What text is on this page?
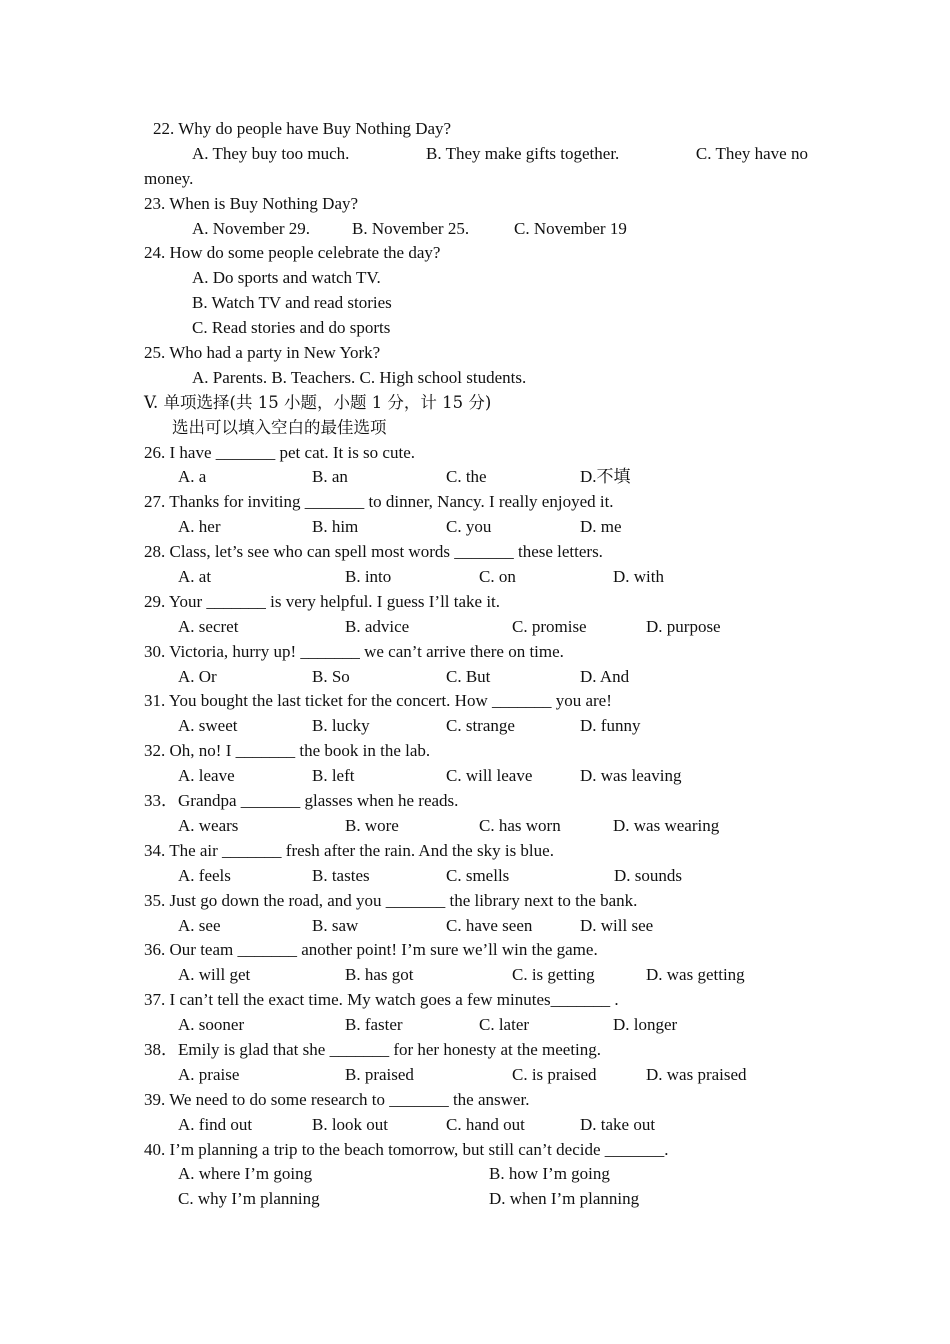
22. Why do people have Buy Nothing Day?
A. They buy too much.	B. They make gifts together.	C. They have no
money.
23. When is Buy Nothing Day?
A. November 29.	B. November 25.	C. November 19
24. How do some people celebrate the day?
A. Do sports and watch TV.
B. Watch TV and read stories
C. Read stories and do sports
25. Who had a party in New York?
A. Parents. B. Teachers. C. High school students.
V. 单项选择(共 15 小题，小题 1 分，计 15 分)
选出可以填入空白的最佳选项
26. I have _______ pet cat. It is so cute.
A. a	B. an	C. the	D.不填
27. Thanks for inviting _______ to dinner, Nancy. I really enjoyed it.
A. her	B. him	C. you	D. me
28. Class, let’s see who can spell most words _______ these letters.
A. at	B. into	C. on	D. with
29. Your _______ is very helpful. I guess I’ll take it.
A. secret	B. advice	C. promise	D. purpose
30. Victoria, hurry up! _______ we can’t arrive there on time.
A. Or	B. So	C. But	D. And
31. You bought the last ticket for the concert. How _______ you are!
A. sweet	B. lucky	C. strange	D. funny
32. Oh, no! I _______ the book in the lab.
A. leave	B. left	C. will leave	D. was leaving
33．Grandpa _______ glasses when he reads.
A. wears	B. wore	C. has worn	D. was wearing
34. The air _______ fresh after the rain. And the sky is blue.
A. feels	B. tastes	C. smells	D. sounds
35. Just go down the road, and you _______ the library next to the bank.
A. see	B. saw	C. have seen	D. will see
36. Our team _______ another point! I’m sure we’ll win the game.
A. will get	B. has got	C. is getting	D. was getting
37. I can’t tell the exact time. My watch goes a few minutes_______ .
A. sooner	B. faster	C. later	D. longer
38．Emily is glad that she _______ for her honesty at the meeting.
A. praise	B. praised	C. is praised	D. was praised
39. We need to do some research to _______ the answer.
A. find out	B. look out	C. hand out	D. take out
40. I’m planning a trip to the beach tomorrow, but still can’t decide _______.
A. where I’m going	B. how I’m going
C. why I’m planning	D. when I’m planning
